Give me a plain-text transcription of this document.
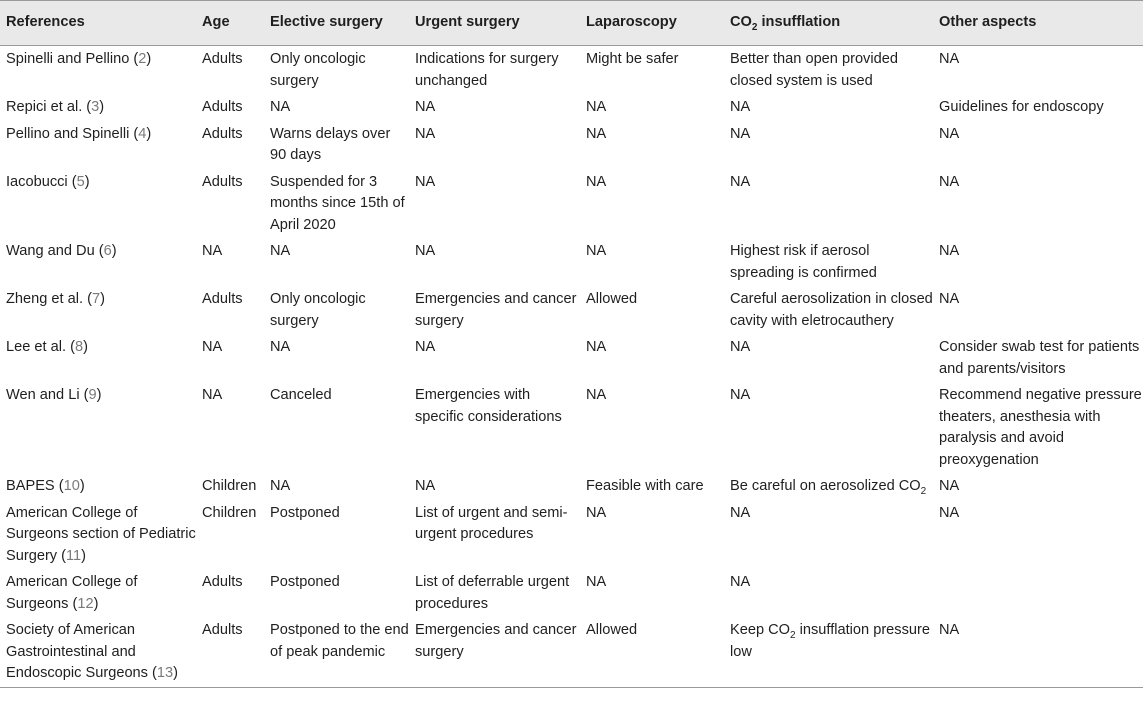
References	Age	Elective surgery	Urgent surgery	Laparoscopy	$CO_2$ insufflation	Other aspects
Spinelli and Pellino (2)	Adults	Only oncologic surgery	Indications for surgery unchanged	Might be safer	Better than open provided closed system is used	NA
Repici et al. (3)	Adults	NA	NA	NA	NA	Guidelines for endoscopy
Pellino and Spinelli (4)	Adults	Warns delays over 90 days	NA	NA	NA	NA
Iacobucci (5)	Adults	Suspended for 3 months since 15th of April 2020	NA	NA	NA	NA
Wang and Du (6)	NA	NA	NA	NA	Highest risk if aerosol spreading is confirmed	NA
Zheng et al. (7)	Adults	Only oncologic surgery	Emergencies and cancer surgery	Allowed	Careful aerosolization in closed cavity with eletrocauthery	NA
Lee et al. (8)	NA	NA	NA	NA	NA	Consider swab test for patients and parents/visitors
Wen and Li (9)	NA	Canceled	Emergencies with specific considerations	NA	NA	Recommend negative pressure theaters, anesthesia with paralysis and avoid preoxygenation
BAPES (10)	Children	NA	NA	Feasible with care	Be careful on aerosolized $CO_2$	NA
American College of Surgeons section of Pediatric Surgery (11)	Children	Postponed	List of urgent and semi-urgent procedures	NA	NA	NA
American College of Surgeons (12)	Adults	Postponed	List of deferrable urgent procedures	NA	NA	
Society of American Gastrointestinal and Endoscopic Surgeons (13)	Adults	Postponed to the end of peak pandemic	Emergencies and cancer surgery	Allowed	Keep $CO_2$ insufflation pressure low	NA
